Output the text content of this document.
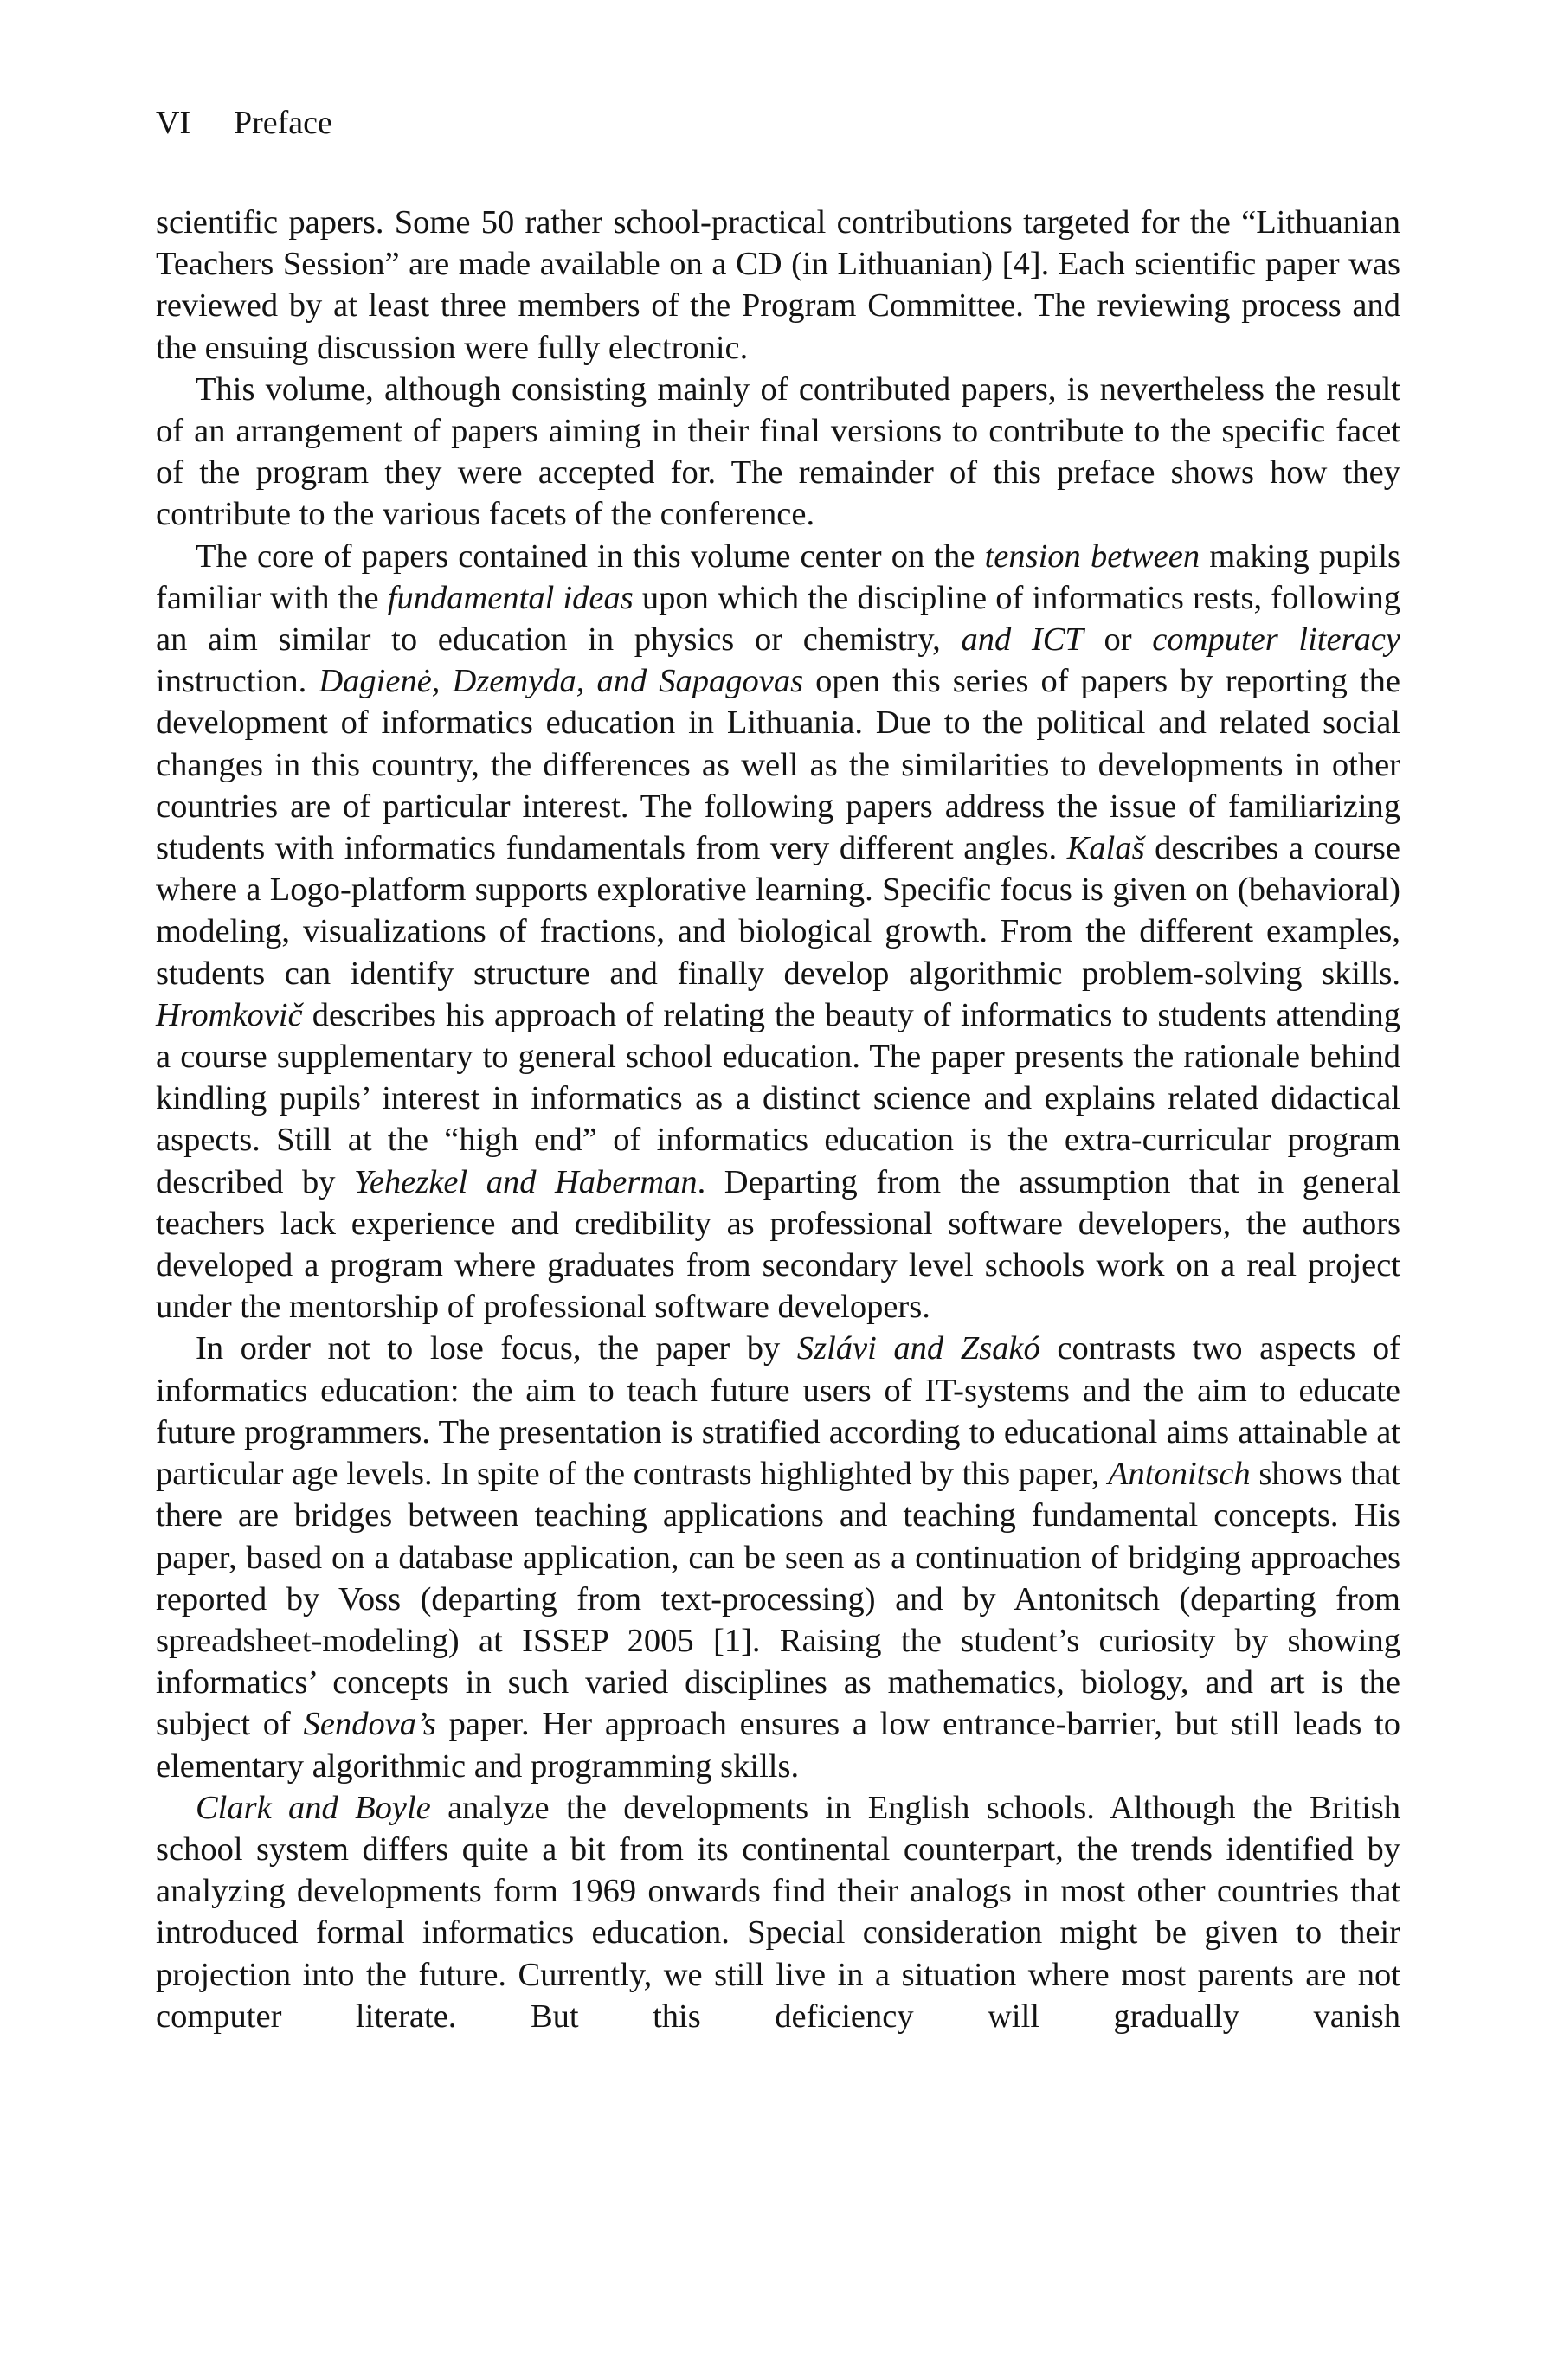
VI Preface

scientific papers. Some 50 rather school-practical contributions targeted for the “Lithuanian Teachers Session” are made available on a CD (in Lithuanian) [4]. Each scientific paper was reviewed by at least three members of the Program Committee. The reviewing process and the ensuing discussion were fully electronic.

This volume, although consisting mainly of contributed papers, is nevertheless the result of an arrangement of papers aiming in their final versions to contribute to the specific facet of the program they were accepted for. The remainder of this preface shows how they contribute to the various facets of the conference.

The core of papers contained in this volume center on the tension between making pupils familiar with the fundamental ideas upon which the discipline of informatics rests, following an aim similar to education in physics or chemistry, and ICT or computer literacy instruction. Dagienė, Dzemyda, and Sapagovas open this series of papers by reporting the development of informatics education in Lithuania. Due to the political and related social changes in this country, the differences as well as the similarities to developments in other countries are of particular interest. The following papers address the issue of familiarizing students with informatics fundamentals from very different angles. Kalaš describes a course where a Logo-platform supports explorative learning. Specific focus is given on (behavioral) modeling, visualizations of fractions, and biological growth. From the different examples, students can identify structure and finally develop algorithmic problem-solving skills. Hromkovič describes his approach of relating the beauty of informatics to students attending a course supplementary to general school education. The paper presents the rationale behind kindling pupils’ interest in informatics as a distinct science and explains related didactical aspects. Still at the “high end” of informatics education is the extra-curricular program described by Yehezkel and Haberman. Departing from the assumption that in general teachers lack experience and credibility as professional software developers, the authors developed a program where graduates from secondary level schools work on a real project under the mentorship of professional software developers.

In order not to lose focus, the paper by Szlávi and Zsakó contrasts two aspects of informatics education: the aim to teach future users of IT-systems and the aim to educate future programmers. The presentation is stratified according to educational aims attainable at particular age levels. In spite of the contrasts highlighted by this paper, Antonitsch shows that there are bridges between teaching applications and teaching fundamental concepts. His paper, based on a database application, can be seen as a continuation of bridging approaches reported by Voss (departing from text-processing) and by Antonitsch (departing from spreadsheet-modeling) at ISSEP 2005 [1]. Raising the student’s curiosity by showing informatics’ concepts in such varied disciplines as mathematics, biology, and art is the subject of Sendova’s paper. Her approach ensures a low entrance-barrier, but still leads to elementary algorithmic and programming skills.

Clark and Boyle analyze the developments in English schools. Although the British school system differs quite a bit from its continental counterpart, the trends identified by analyzing developments form 1969 onwards find their analogs in most other countries that introduced formal informatics education. Special consideration might be given to their projection into the future. Currently, we still live in a situation where most parents are not computer literate. But this deficiency will gradually vanish
